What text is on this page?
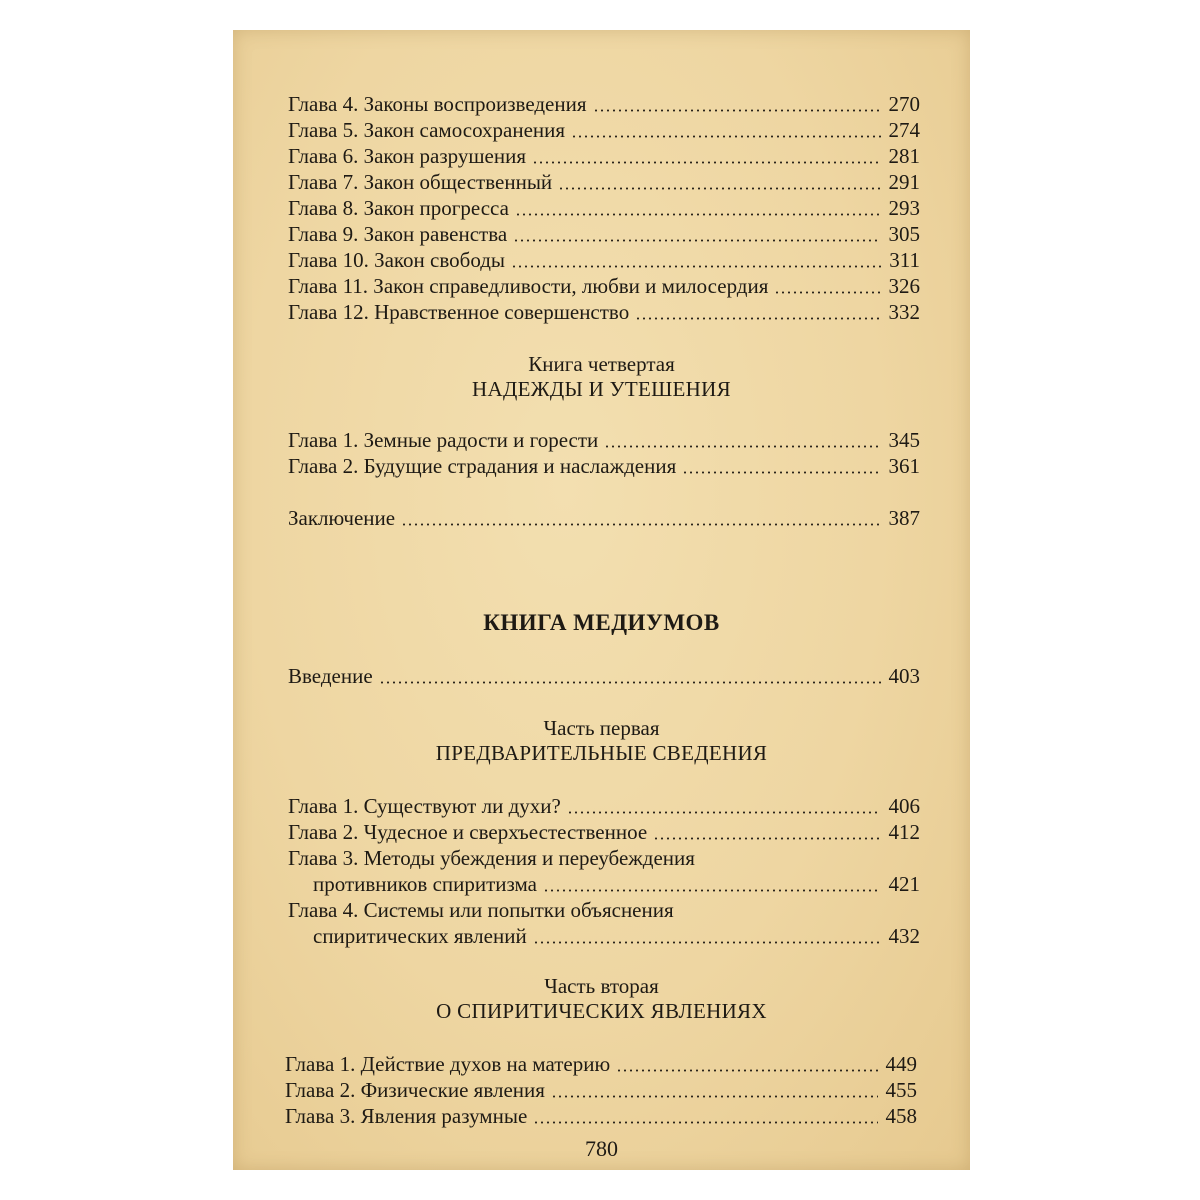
Глава 4. Законы воспроизведения	270
Глава 5. Закон самосохранения	274
Глава 6. Закон разрушения	281
Глава 7. Закон общественный	291
Глава 8. Закон прогресса	293
Глава 9. Закон равенства	305
Глава 10. Закон свободы	311
Глава 11. Закон справедливости, любви и милосердия	326
Глава 12. Нравственное совершенство	332
Книга четвертая
НАДЕЖДЫ И УТЕШЕНИЯ
Глава 1. Земные радости и горести	345
Глава 2. Будущие страдания и наслаждения	361
Заключение	387
КНИГА МЕДИУМОВ
Введение	403
Часть первая
ПРЕДВАРИТЕЛЬНЫЕ СВЕДЕНИЯ
Глава 1. Существуют ли духи?	406
Глава 2. Чудесное и сверхъестественное	412
Глава 3. Методы убеждения и переубеждения
противников спиритизма	421
Глава 4. Системы или попытки объяснения
спиритических явлений	432
Часть вторая
О СПИРИТИЧЕСКИХ ЯВЛЕНИЯХ
Глава 1. Действие духов на материю	449
Глава 2. Физические явления	455
Глава 3. Явления разумные	458
780
